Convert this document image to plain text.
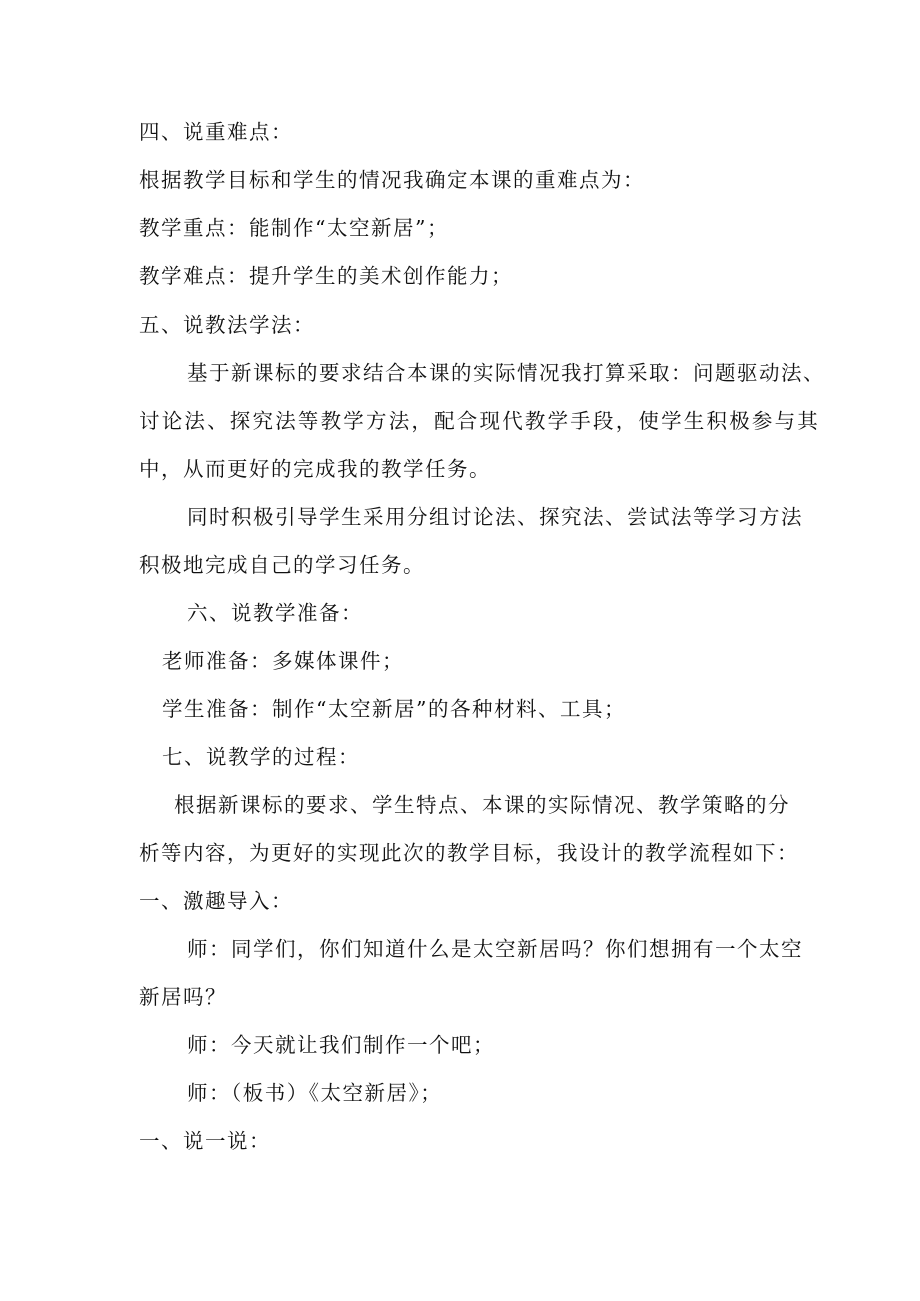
四、说重难点：
根据教学目标和学生的情况我确定本课的重难点为：
教学重点：能制作“太空新居”；
教学难点：提升学生的美术创作能力；
五、说教法学法：
基于新课标的要求结合本课的实际情况我打算采取：问题驱动法、
讨论法、探究法等教学方法，配合现代教学手段，使学生积极参与其
中，从而更好的完成我的教学任务。
同时积极引导学生采用分组讨论法、探究法、尝试法等学习方法
积极地完成自己的学习任务。
六、说教学准备：
老师准备：多媒体课件；
学生准备：制作“太空新居”的各种材料、工具；
七、说教学的过程：
根据新课标的要求、学生特点、本课的实际情况、教学策略的分
析等内容，为更好的实现此次的教学目标，我设计的教学流程如下：
一、激趣导入：
师：同学们，你们知道什么是太空新居吗？你们想拥有一个太空
新居吗？
师：今天就让我们制作一个吧；
师：（板书）《太空新居》；
一、说一说：
